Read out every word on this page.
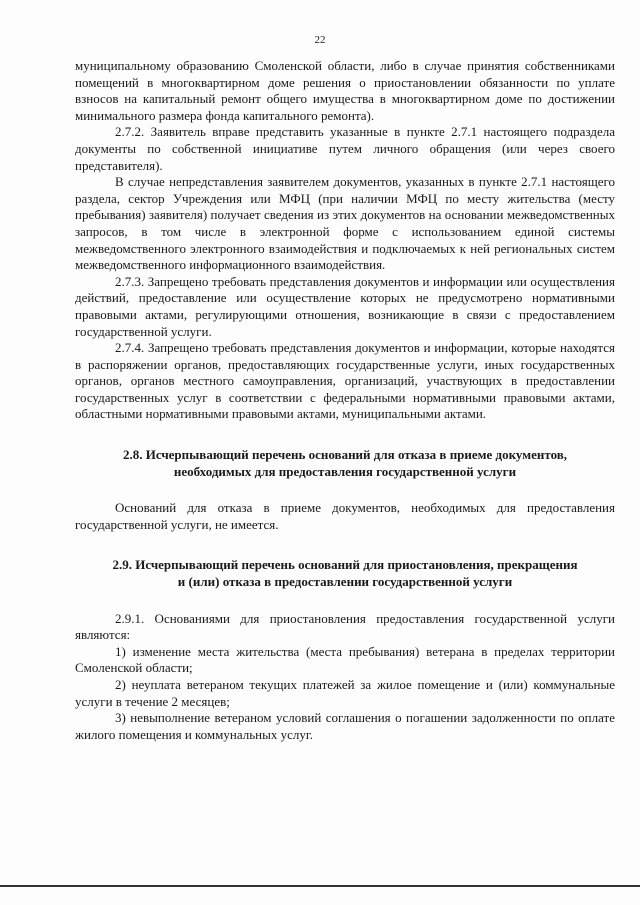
22

муниципальному образованию Смоленской области, либо в случае принятия собственниками помещений в многоквартирном доме решения о приостановлении обязанности по уплате взносов на капитальный ремонт общего имущества в многоквартирном доме по достижении минимального размера фонда капитального ремонта).

2.7.2. Заявитель вправе представить указанные в пункте 2.7.1 настоящего подраздела документы по собственной инициативе путем личного обращения (или через своего представителя).

В случае непредставления заявителем документов, указанных в пункте 2.7.1 настоящего раздела, сектор Учреждения или МФЦ (при наличии МФЦ по месту жительства (месту пребывания) заявителя) получает сведения из этих документов на основании межведомственных запросов, в том числе в электронной форме с использованием единой системы межведомственного электронного взаимодействия и подключаемых к ней региональных систем межведомственного информационного взаимодействия.

2.7.3. Запрещено требовать представления документов и информации или осуществления действий, предоставление или осуществление которых не предусмотрено нормативными правовыми актами, регулирующими отношения, возникающие в связи с предоставлением государственной услуги.

2.7.4. Запрещено требовать представления документов и информации, которые находятся в распоряжении органов, предоставляющих государственные услуги, иных государственных органов, органов местного самоуправления, организаций, участвующих в предоставлении государственных услуг в соответствии с федеральными нормативными правовыми актами, областными нормативными правовыми актами, муниципальными актами.

2.8. Исчерпывающий перечень оснований для отказа в приеме документов,
необходимых для предоставления государственной услуги

Оснований для отказа в приеме документов, необходимых для предоставления государственной услуги, не имеется.

2.9. Исчерпывающий перечень оснований для приостановления, прекращения
и (или) отказа в предоставлении государственной услуги

2.9.1. Основаниями для приостановления предоставления государственной услуги являются:

1) изменение места жительства (места пребывания) ветерана в пределах территории Смоленской области;

2) неуплата ветераном текущих платежей за жилое помещение и (или) коммунальные услуги в течение 2 месяцев;

3) невыполнение ветераном условий соглашения о погашении задолженности по оплате жилого помещения и коммунальных услуг.
